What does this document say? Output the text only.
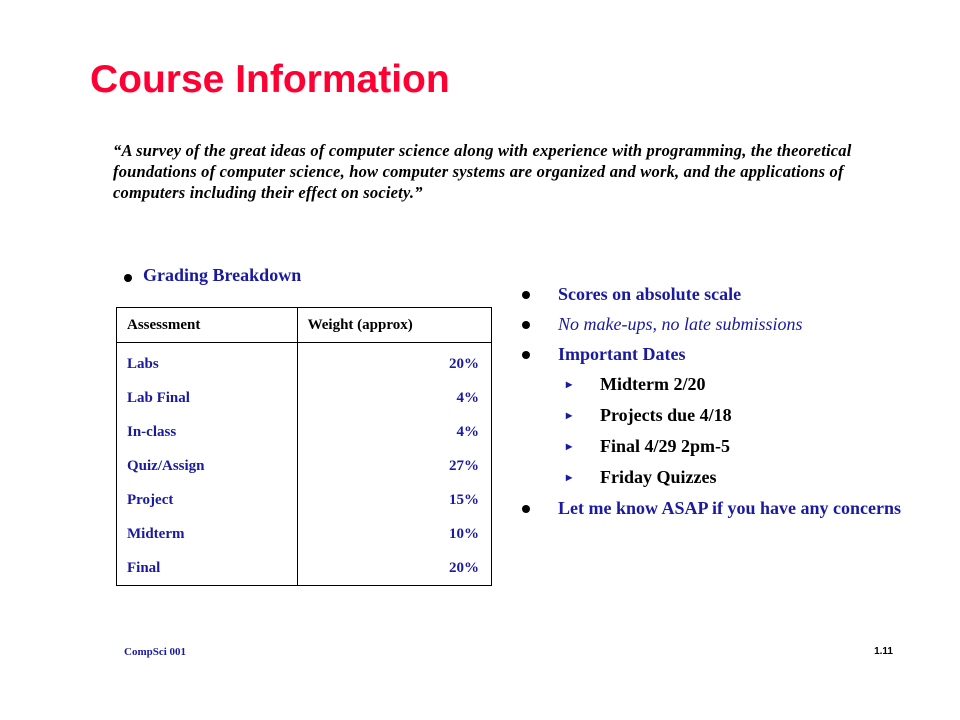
Course Information
“A survey of the great ideas of computer science along with experience with programming, the theoretical foundations of computer science, how computer systems are organized and work, and the applications of computers including their effect on society.”
Grading Breakdown
Assessment	Weight (approx)
Labs	20%
Lab Final	4%
In-class	4%
Quiz/Assign	27%
Project	15%
Midterm	10%
Final	20%
Scores on absolute scale
No make-ups, no late submissions
Important Dates
▸ Midterm 2/20
▸ Projects due 4/18
▸ Final 4/29 2pm-5
▸ Friday Quizzes
Let me know ASAP if you have any concerns
CompSci 001	1.11
